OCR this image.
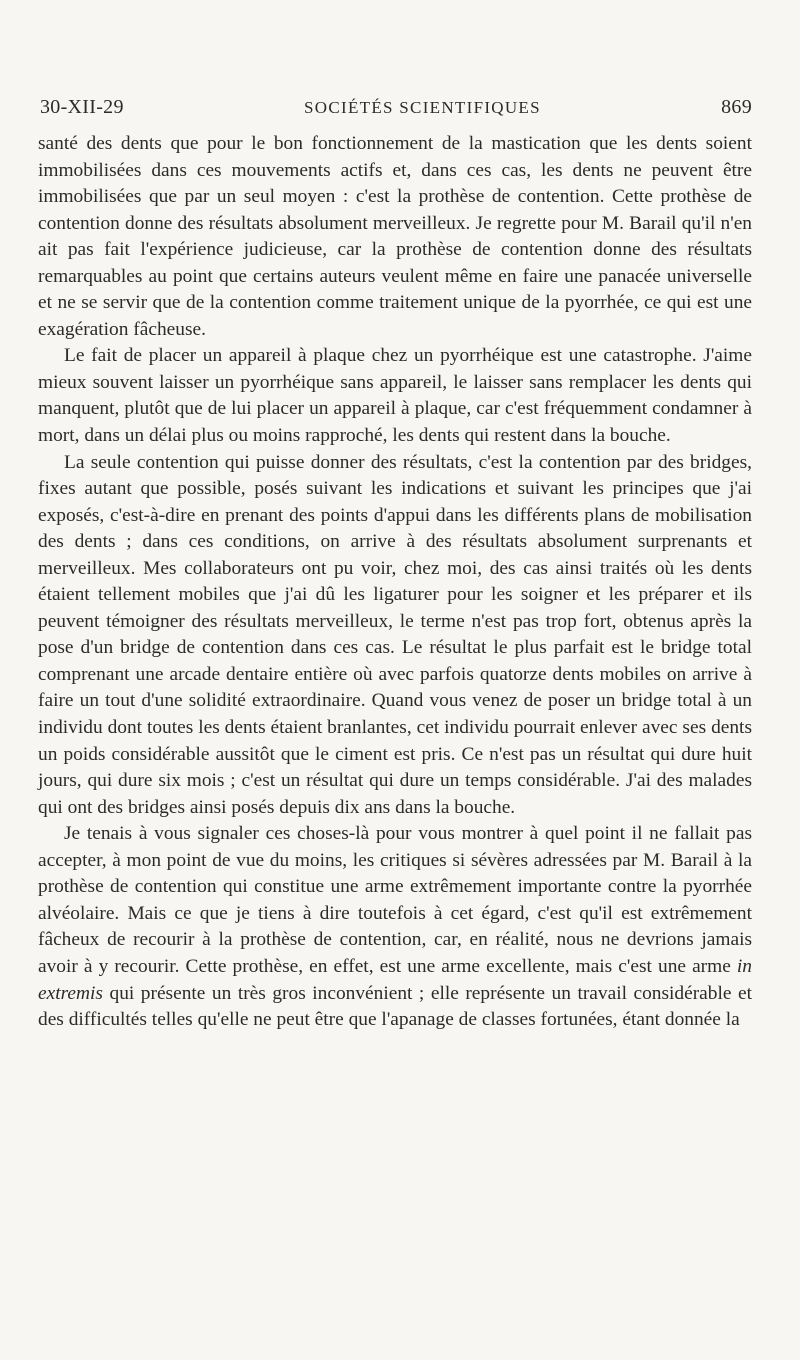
30-XII-29	SOCIÉTÉS SCIENTIFIQUES	869

santé des dents que pour le bon fonctionnement de la mastication que les dents soient immobilisées dans ces mouvements actifs et, dans ces cas, les dents ne peuvent être immobilisées que par un seul moyen : c'est la prothèse de contention. Cette prothèse de contention donne des résultats absolument merveilleux. Je regrette pour M. Barail qu'il n'en ait pas fait l'expérience judicieuse, car la prothèse de contention donne des résultats remarquables au point que certains auteurs veulent même en faire une panacée universelle et ne se servir que de la contention comme traitement unique de la pyorrhée, ce qui est une exagération fâcheuse.

Le fait de placer un appareil à plaque chez un pyorrhéique est une catastrophe. J'aime mieux souvent laisser un pyorrhéique sans appareil, le laisser sans remplacer les dents qui manquent, plutôt que de lui placer un appareil à plaque, car c'est fréquemment condamner à mort, dans un délai plus ou moins rapproché, les dents qui restent dans la bouche.

La seule contention qui puisse donner des résultats, c'est la contention par des bridges, fixes autant que possible, posés suivant les indications et suivant les principes que j'ai exposés, c'est-à-dire en prenant des points d'appui dans les différents plans de mobilisation des dents ; dans ces conditions, on arrive à des résultats absolument surprenants et merveilleux. Mes collaborateurs ont pu voir, chez moi, des cas ainsi traités où les dents étaient tellement mobiles que j'ai dû les ligaturer pour les soigner et les préparer et ils peuvent témoigner des résultats merveilleux, le terme n'est pas trop fort, obtenus après la pose d'un bridge de contention dans ces cas. Le résultat le plus parfait est le bridge total comprenant une arcade dentaire entière où avec parfois quatorze dents mobiles on arrive à faire un tout d'une solidité extraordinaire. Quand vous venez de poser un bridge total à un individu dont toutes les dents étaient branlantes, cet individu pourrait enlever avec ses dents un poids considérable aussitôt que le ciment est pris. Ce n'est pas un résultat qui dure huit jours, qui dure six mois ; c'est un résultat qui dure un temps considérable. J'ai des malades qui ont des bridges ainsi posés depuis dix ans dans la bouche.

Je tenais à vous signaler ces choses-là pour vous montrer à quel point il ne fallait pas accepter, à mon point de vue du moins, les critiques si sévères adressées par M. Barail à la prothèse de contention qui constitue une arme extrêmement importante contre la pyorrhée alvéolaire. Mais ce que je tiens à dire toutefois à cet égard, c'est qu'il est extrêmement fâcheux de recourir à la prothèse de contention, car, en réalité, nous ne devrions jamais avoir à y recourir. Cette prothèse, en effet, est une arme excellente, mais c'est une arme in extremis qui présente un très gros inconvénient ; elle représente un travail considérable et des difficultés telles qu'elle ne peut être que l'apanage de classes fortunées, étant donnée la
